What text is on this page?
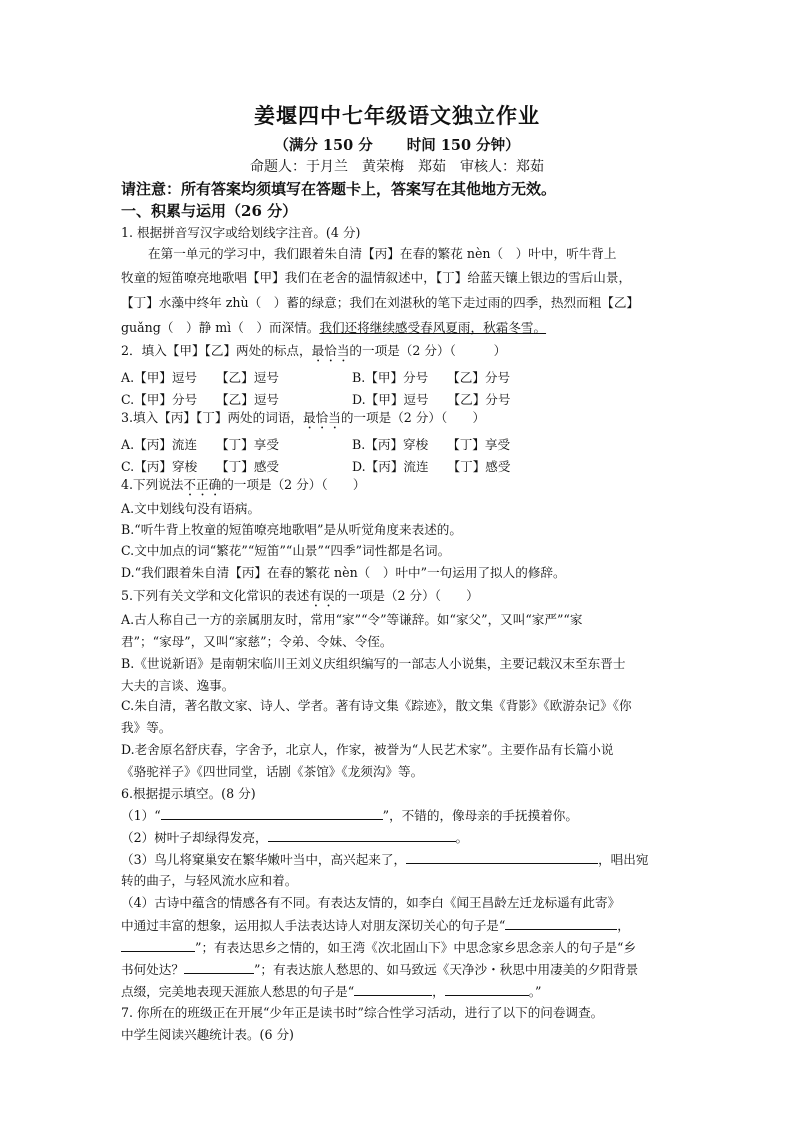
姜堰四中七年级语文独立作业
（满分 150 分　　 时间 150 分钟）
命题人：于月兰　黄荣梅　郑茹　审核人：郑茹
请注意：所有答案均须填写在答题卡上，答案写在其他地方无效。
一、积累与运用（26 分）
1. 根据拼音写汉字或给划线字注音。(4 分)
在第一单元的学习中，我们跟着朱自清【丙】在春的繁花 nèn（　）叶中，听牛背上
牧童的短笛嘹亮地歌唱【甲】我们在老舍的温情叙述中，【丁】给蓝天镶上银边的雪后山景，
【丁】水藻中终年 zhù（　）蓄的绿意；我们在刘湛秋的笔下走过雨的四季，热烈而粗【乙】
guǎng（　）静 mì（　）而深情。我们还将继续感受春风夏雨，秋霜冬雪。
2．填入【甲】【乙】两处的标点，最恰当的一项是（2 分）（　　　）
A.【甲】逗号　　【乙】逗号	B.【甲】分号　　【乙】分号
C.【甲】分号　　【乙】逗号	D.【甲】逗号　　【乙】分号
3.填入【丙】【丁】两处的词语，最恰当的一项是（2 分）（　　）
A.【丙】流连　　【丁】享受	B.【丙】穿梭　　【丁】享受
C.【丙】穿梭　　【丁】感受	D.【丙】流连　　【丁】感受
4.下列说法不正确的一项是（2 分）（　　）
A.文中划线句没有语病。
B.“听牛背上牧童的短笛嘹亮地歌唱”是从听觉角度来表述的。
C.文中加点的词“繁花”“短笛”“山景”“四季”词性都是名词。
D.“我们跟着朱自清【丙】在春的繁花 nèn（　）叶中”一句运用了拟人的修辞。
5.下列有关文学和文化常识的表述有误的一项是（2 分）（　　）
A.古人称自己一方的亲属朋友时，常用“家”“令”等谦辞。如“家父”，又叫“家严”“家
君”；“家母”，又叫“家慈”；令弟、令妹、令侄。
B.《世说新语》是南朝宋临川王刘义庆组织编写的一部志人小说集，主要记载汉末至东晋士
大夫的言谈、逸事。
C.朱自清，著名散文家、诗人、学者。著有诗文集《踪迹》，散文集《背影》《欧游杂记》《你
我》等。
D.老舍原名舒庆春，字舍予，北京人，作家，被誉为“人民艺术家”。主要作品有长篇小说
《骆驼祥子》《四世同堂，话剧《茶馆》《龙须沟》等。
6.根据提示填空。(8 分)
（1）“	”，不错的，像母亲的手抚摸着你。
（2）树叶子却绿得发亮，	。
（3）鸟儿将窠巢安在繁华嫩叶当中，高兴起来了，	，唱出宛
转的曲子，与轻风流水应和着。
（4）古诗中蕴含的情感各有不同。有表达友情的，如李白《闻王昌龄左迁龙标遥有此寄》
中通过丰富的想象，运用拟人手法表达诗人对朋友深切关心的句子是“	，
”；有表达思乡之情的，如王湾《次北固山下》中思念家乡思念亲人的句子是“乡
书何处达？	”；有表达旅人愁思的、如马致远《天净沙・秋思中用凄美的夕阳背景
点缀，完美地表现天涯旅人愁思的句子是“	，	。”
7. 你所在的班级正在开展“少年正是读书时”综合性学习活动，进行了以下的问卷调查。
中学生阅读兴趣统计表。(6 分)
